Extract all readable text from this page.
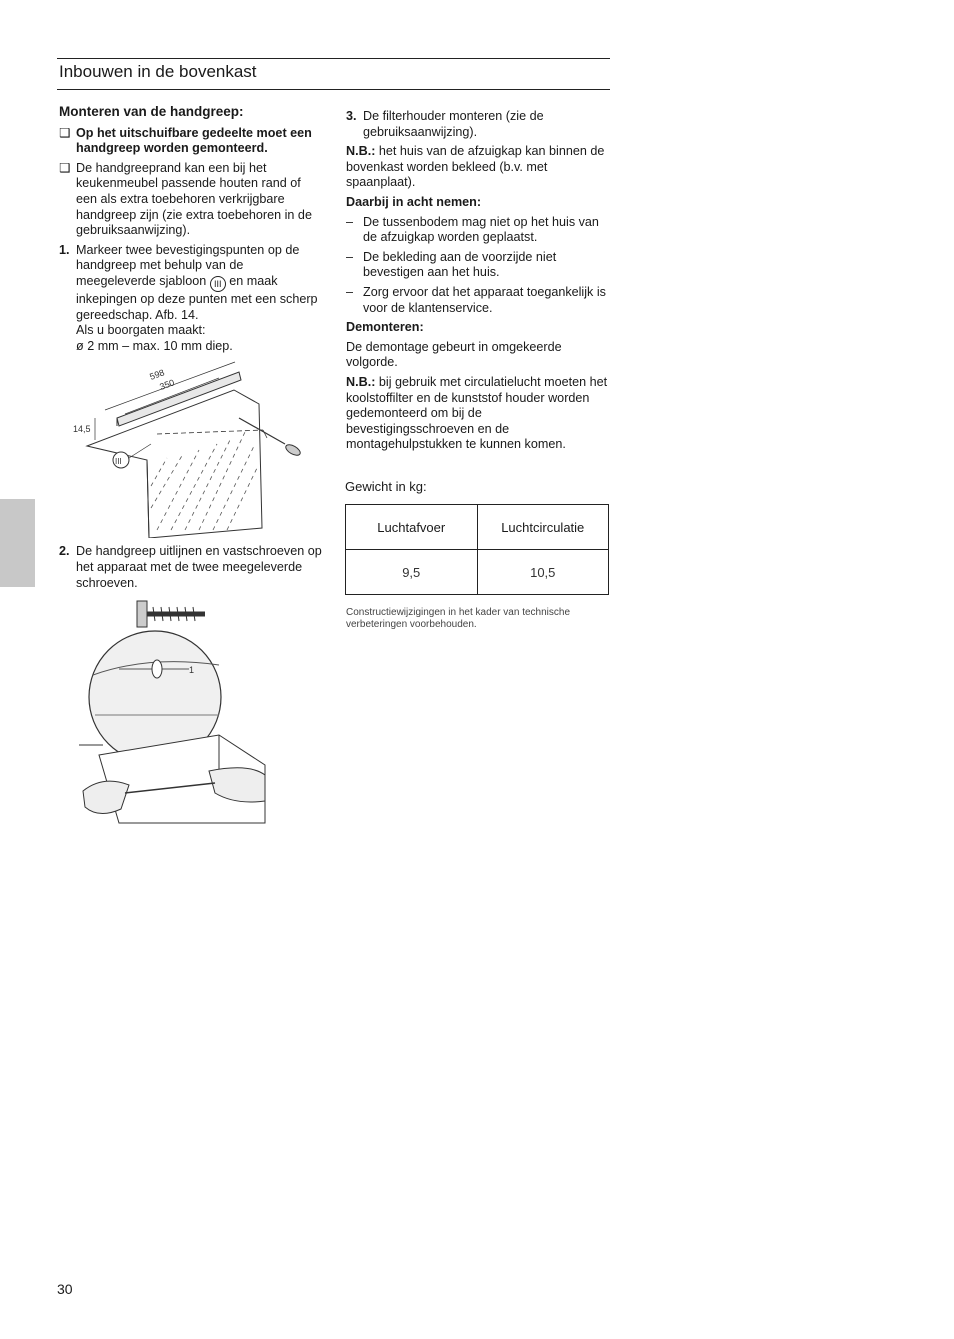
Inbouwen in de bovenkast
Monteren van de handgreep:
❑ Op het uitschuifbare gedeelte moet een handgreep worden gemonteerd.
❑ De handgreeprand kan een bij het keukenmeubel passende houten rand of een als extra toebehoren verkrijgbare handgreep zijn (zie extra toebehoren in de gebruiksaanwijzing).
1. Markeer twee bevestigingspunten op de handgreep met behulp van de meegeleverde sjabloon III en maak inkepingen op deze punten met een scherp gereedschap. Afb. 14.
Als u boorgaten maakt:
ø 2 mm – max. 10 mm diep.
598
350
14,5
III
2. De handgreep uitlijnen en vastschroeven op het apparaat met de twee meegeleverde schroeven.
1
3. De filterhouder monteren (zie de gebruiksaanwijzing).
N.B.: het huis van de afzuigkap kan binnen de bovenkast worden bekleed (b.v. met spaanplaat).
Daarbij in acht nemen:
– De tussenbodem mag niet op het huis van de afzuigkap worden geplaatst.
– De bekleding aan de voorzijde niet bevestigen aan het huis.
– Zorg ervoor dat het apparaat toegankelijk is voor de klantenservice.
Demonteren:
De demontage gebeurt in omgekeerde volgorde.
N.B.: bij gebruik met circulatielucht moeten het koolstoffilter en de kunststof houder worden gedemonteerd om bij de bevestigingsschroeven en de montagehulpstukken te kunnen komen.
Gewicht in kg:
Luchtafvoer	Luchtcirculatie
9,5	10,5
Constructiewijzigingen in het kader van technische verbeteringen voorbehouden.
30
